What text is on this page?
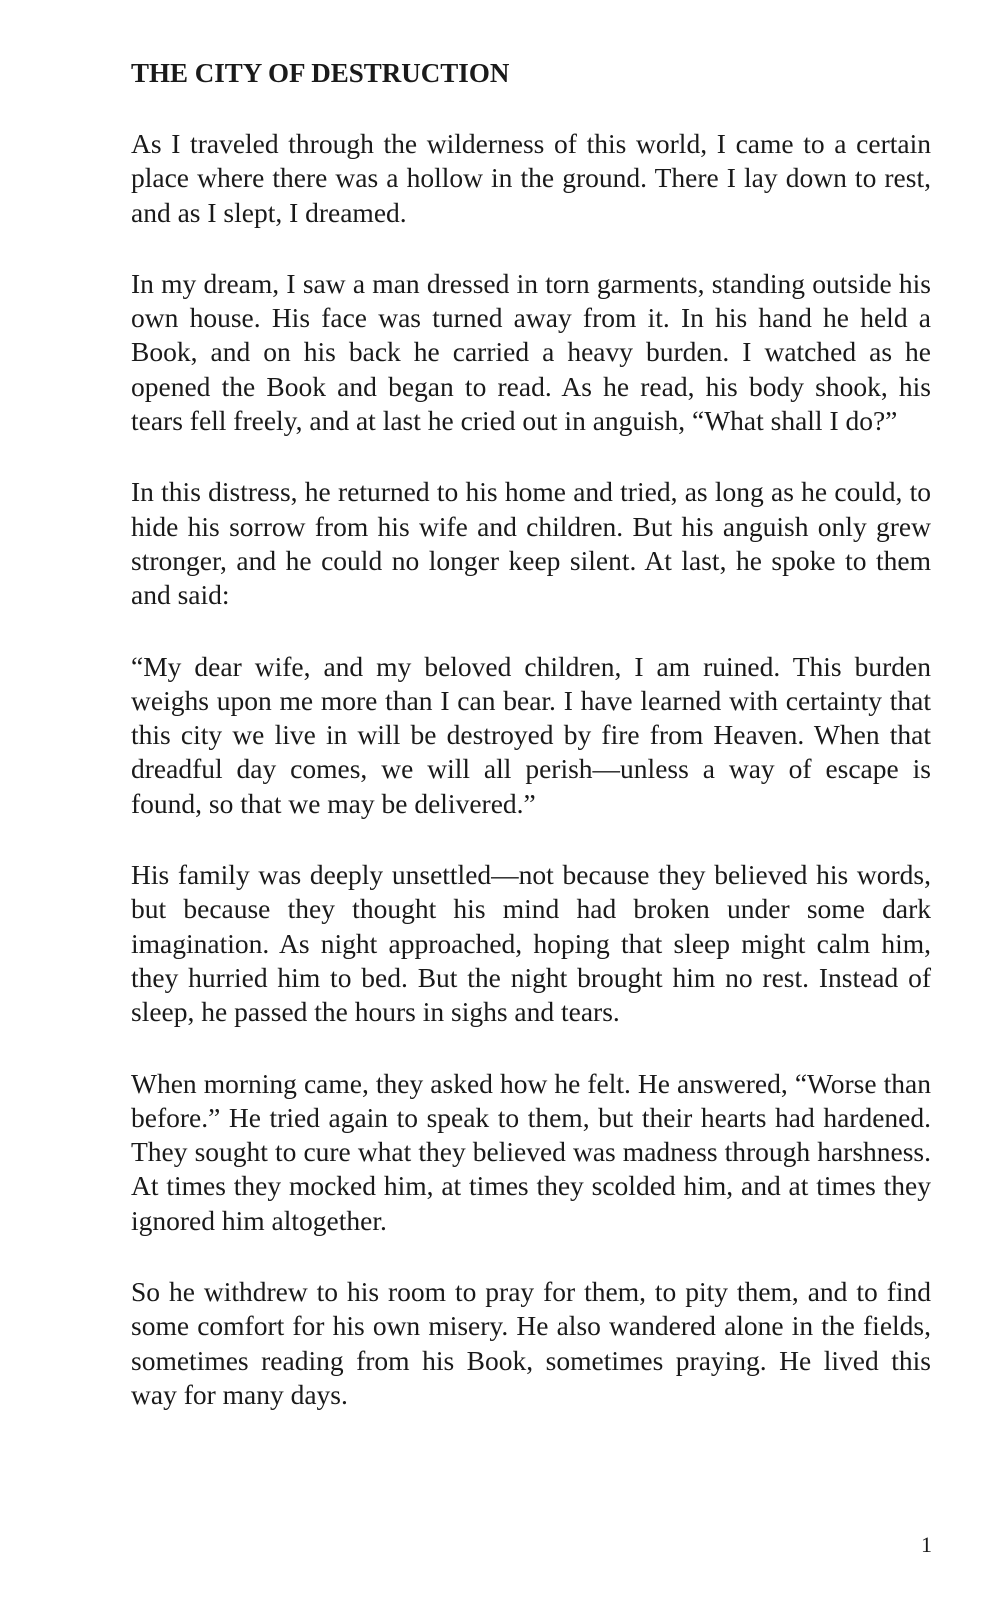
THE CITY OF DESTRUCTION

As I traveled through the wilderness of this world, I came to a certain place where there was a hollow in the ground. There I lay down to rest, and as I slept, I dreamed.

In my dream, I saw a man dressed in torn garments, standing outside his own house. His face was turned away from it. In his hand he held a Book, and on his back he carried a heavy burden. I watched as he opened the Book and began to read. As he read, his body shook, his tears fell freely, and at last he cried out in anguish, “What shall I do?”

In this distress, he returned to his home and tried, as long as he could, to hide his sorrow from his wife and children. But his anguish only grew stronger, and he could no longer keep silent. At last, he spoke to them and said:

“My dear wife, and my beloved children, I am ruined. This burden weighs upon me more than I can bear. I have learned with certainty that this city we live in will be destroyed by fire from Heaven. When that dreadful day comes, we will all perish—unless a way of escape is found, so that we may be delivered.”

His family was deeply unsettled—not because they believed his words, but because they thought his mind had broken under some dark imagination. As night approached, hoping that sleep might calm him, they hurried him to bed. But the night brought him no rest. Instead of sleep, he passed the hours in sighs and tears.

When morning came, they asked how he felt. He answered, “Worse than before.” He tried again to speak to them, but their hearts had hardened. They sought to cure what they believed was madness through harshness. At times they mocked him, at times they scolded him, and at times they ignored him altogether.

So he withdrew to his room to pray for them, to pity them, and to find some comfort for his own misery. He also wandered alone in the fields, sometimes reading from his Book, sometimes praying. He lived this way for many days.

1
